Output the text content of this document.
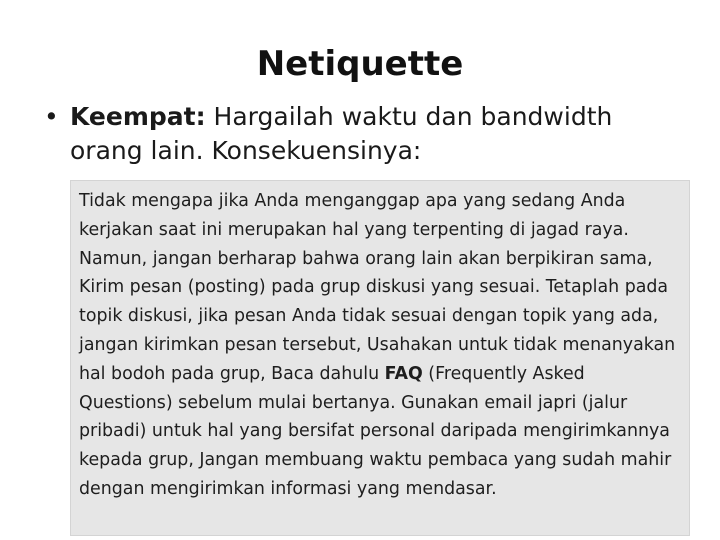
Netiquette
• Keempat: Hargailah waktu dan bandwidth orang lain. Konsekuensinya:
Tidak mengapa jika Anda menganggap apa yang sedang Anda kerjakan saat ini merupakan hal yang terpenting di jagad raya. Namun, jangan berharap bahwa orang lain akan berpikiran sama, Kirim pesan (posting) pada grup diskusi yang sesuai. Tetaplah pada topik diskusi, jika pesan Anda tidak sesuai dengan topik yang ada, jangan kirimkan pesan tersebut, Usahakan untuk tidak menanyakan hal bodoh pada grup, Baca dahulu FAQ (Frequently Asked Questions) sebelum mulai bertanya. Gunakan email japri (jalur pribadi) untuk hal yang bersifat personal daripada mengirimkannya kepada grup, Jangan membuang waktu pembaca yang sudah mahir dengan mengirimkan informasi yang mendasar.
